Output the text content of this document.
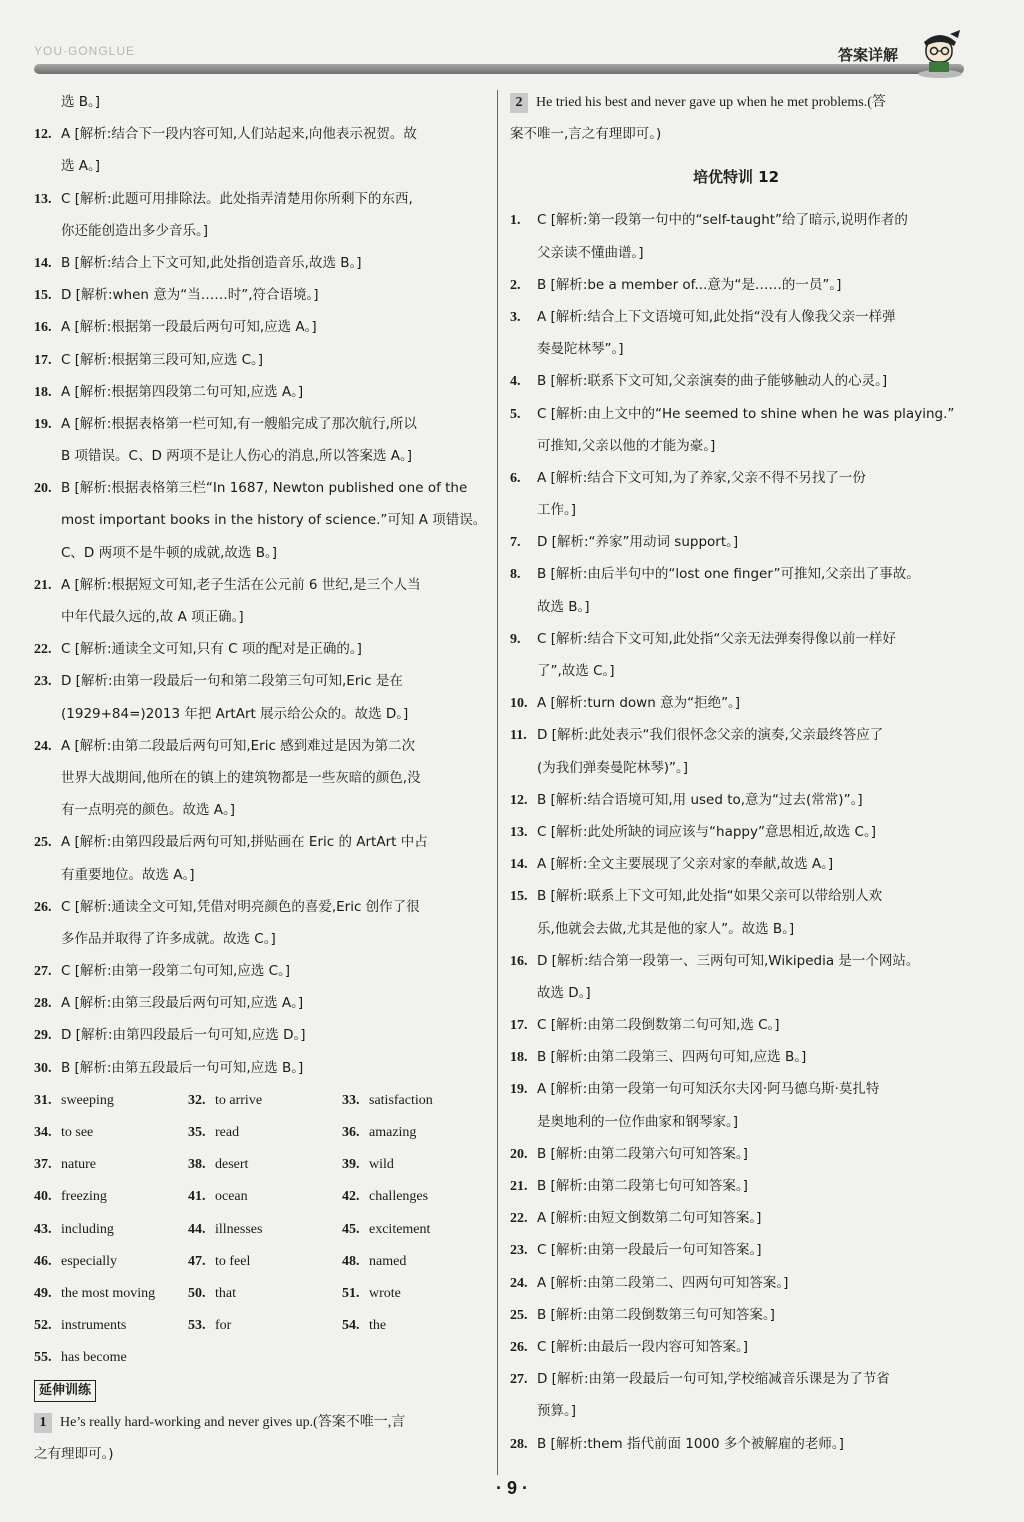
YOU·GONGLUE	答案详解
选 B。]
12. A [解析:结合下一段内容可知,人们站起来,向他表示祝贺。故
选 A。]
13. C [解析:此题可用排除法。此处指弄清楚用你所剩下的东西,
你还能创造出多少音乐。]
14. B [解析:结合上下文可知,此处指创造音乐,故选 B。]
15. D [解析:when 意为“当……时”,符合语境。]
16. A [解析:根据第一段最后两句可知,应选 A。]
17. C [解析:根据第三段可知,应选 C。]
18. A [解析:根据第四段第二句可知,应选 A。]
19. A [解析:根据表格第一栏可知,有一艘船完成了那次航行,所以
B 项错误。C、D 两项不是让人伤心的消息,所以答案选 A。]
20. B [解析:根据表格第三栏“In 1687, Newton published one of the
most important books in the history of science.”可知 A 项错误。
C、D 两项不是牛顿的成就,故选 B。]
21. A [解析:根据短文可知,老子生活在公元前 6 世纪,是三个人当
中年代最久远的,故 A 项正确。]
22. C [解析:通读全文可知,只有 C 项的配对是正确的。]
23. D [解析:由第一段最后一句和第二段第三句可知,Eric 是在
(1929+84=)2013 年把 ArtArt 展示给公众的。故选 D。]
24. A [解析:由第二段最后两句可知,Eric 感到难过是因为第二次
世界大战期间,他所在的镇上的建筑物都是一些灰暗的颜色,没
有一点明亮的颜色。故选 A。]
25. A [解析:由第四段最后两句可知,拼贴画在 Eric 的 ArtArt 中占
有重要地位。故选 A。]
26. C [解析:通读全文可知,凭借对明亮颜色的喜爱,Eric 创作了很
多作品并取得了许多成就。故选 C。]
27. C [解析:由第一段第二句可知,应选 C。]
28. A [解析:由第三段最后两句可知,应选 A。]
29. D [解析:由第四段最后一句可知,应选 D。]
30. B [解析:由第五段最后一句可知,应选 B。]
31. sweeping	32. to arrive	33. satisfaction
34. to see	35. read	36. amazing
37. nature	38. desert	39. wild
40. freezing	41. ocean	42. challenges
43. including	44. illnesses	45. excitement
46. especially	47. to feel	48. named
49. the most moving 50. that	51. wrote
52. instruments	53. for	54. the
55. has become
延伸训练
1 He’s really hard-working and never gives up.(答案不唯一,言
之有理即可。)
2 He tried his best and never gave up when he met problems.(答
案不唯一,言之有理即可。)
培优特训 12
1. C [解析:第一段第一句中的“self-taught”给了暗示,说明作者的
父亲读不懂曲谱。]
2. B [解析:be a member of...意为“是……的一员”。]
3. A [解析:结合上下文语境可知,此处指“没有人像我父亲一样弹
奏曼陀林琴”。]
4. B [解析:联系下文可知,父亲演奏的曲子能够触动人的心灵。]
5. C [解析:由上文中的“He seemed to shine when he was playing.”
可推知,父亲以他的才能为豪。]
6. A [解析:结合下文可知,为了养家,父亲不得不另找了一份
工作。]
7. D [解析:“养家”用动词 support。]
8. B [解析:由后半句中的“lost one finger”可推知,父亲出了事故。
故选 B。]
9. C [解析:结合下文可知,此处指“父亲无法弹奏得像以前一样好
了”,故选 C。]
10. A [解析:turn down 意为“拒绝”。]
11. D [解析:此处表示“我们很怀念父亲的演奏,父亲最终答应了
(为我们弹奏曼陀林琴)”。]
12. B [解析:结合语境可知,用 used to,意为“过去(常常)”。]
13. C [解析:此处所缺的词应该与“happy”意思相近,故选 C。]
14. A [解析:全文主要展现了父亲对家的奉献,故选 A。]
15. B [解析:联系上下文可知,此处指“如果父亲可以带给别人欢
乐,他就会去做,尤其是他的家人”。故选 B。]
16. D [解析:结合第一段第一、三两句可知,Wikipedia 是一个网站。
故选 D。]
17. C [解析:由第二段倒数第二句可知,选 C。]
18. B [解析:由第二段第三、四两句可知,应选 B。]
19. A [解析:由第一段第一句可知沃尔夫冈·阿马德乌斯·莫扎特
是奥地利的一位作曲家和钢琴家。]
20. B [解析:由第二段第六句可知答案。]
21. B [解析:由第二段第七句可知答案。]
22. A [解析:由短文倒数第二句可知答案。]
23. C [解析:由第一段最后一句可知答案。]
24. A [解析:由第二段第二、四两句可知答案。]
25. B [解析:由第二段倒数第三句可知答案。]
26. C [解析:由最后一段内容可知答案。]
27. D [解析:由第一段最后一句可知,学校缩减音乐课是为了节省
预算。]
28. B [解析:them 指代前面 1000 多个被解雇的老师。]
· 9 ·
